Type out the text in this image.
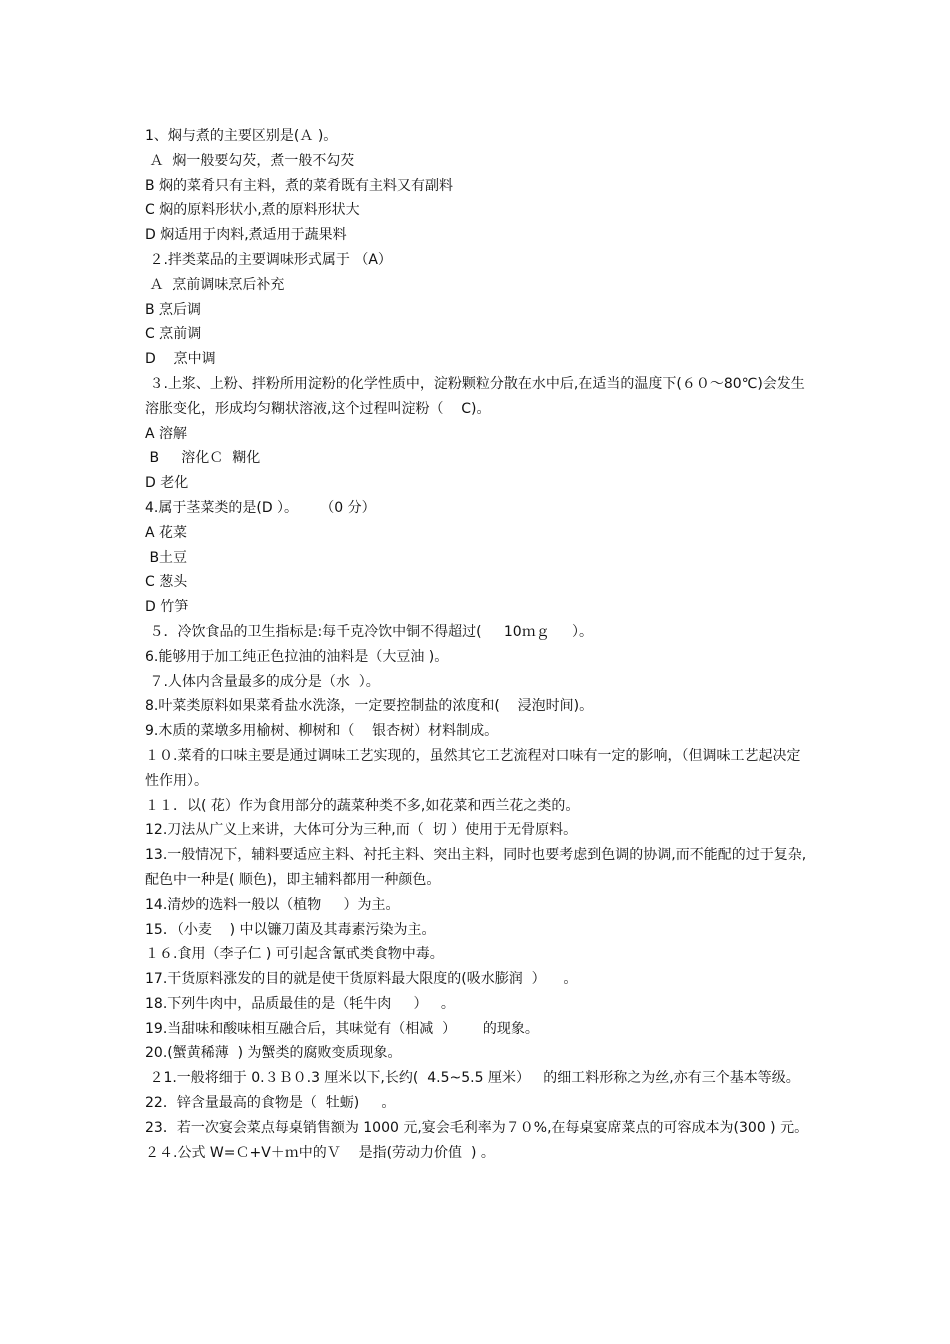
1、焖与煮的主要区别是(Ａ )。

Ａ  焖一般要勾芡，煮一般不勾芡

B 焖的菜肴只有主料，煮的菜肴既有主料又有副料

C 焖的原料形状小,煮的原料形状大

D 焖适用于肉料,煮适用于蔬果料

２.拌类菜品的主要调味形式属于 （A）

Ａ  烹前调味烹后补充

B 烹后调

C 烹前调

D    烹中调

３.上浆、上粉、拌粉所用淀粉的化学性质中，淀粉颗粒分散在水中后,在适当的温度下(６０～80℃)会发生溶胀变化，形成均匀糊状溶液,这个过程叫淀粉（    C)。

A 溶解

B     溶化Ｃ  糊化

D 老化

4.属于茎菜类的是(D ）。     （0 分）

A 花菜

B土豆

C 葱头

D 竹笋

５．冷饮食品的卫生指标是:每千克冷饮中铜不得超过(     10ｍｇ     ）。

6.能够用于加工纯正色拉油的油料是（大豆油 )。

７.人体内含量最多的成分是（水  ）。

8.叶菜类原料如果菜肴盐水洗涤，一定要控制盐的浓度和(    浸泡时间)。

9.木质的菜墩多用榆树、柳树和（    银杏树）材料制成。

１０.菜肴的口味主要是通过调味工艺实现的，虽然其它工艺流程对口味有一定的影响，（但调味工艺起决定性作用）。

１１．以( 花）作为食用部分的蔬菜种类不多,如花菜和西兰花之类的。

12.刀法从广义上来讲，大体可分为三种,而（  切 ）使用于无骨原料。

13.一般情况下，辅料要适应主料、衬托主料、突出主料，同时也要考虑到色调的协调,而不能配的过于复杂,配色中一种是( 顺色)，即主辅料都用一种颜色。

14.清炒的选料一般以（植物     ）为主。

15．（小麦    ) 中以镰刀菌及其毒素污染为主。

１６.食用（李子仁 ) 可引起含氰甙类食物中毒。

17.干货原料涨发的目的就是使干货原料最大限度的(吸水膨润  ）    。

18.下列牛肉中，品质最佳的是（牦牛肉     ）   。

19.当甜味和酸味相互融合后，其味觉有（相减  ）      的现象。

20.(蟹黄稀薄  ) 为蟹类的腐败变质现象。

２1.一般将细于 0.３Ｂ０.3 厘米以下,长约(  4.5~5.5 厘米）   的细工料形称之为丝,亦有三个基本等级。

22．锌含量最高的食物是（  牡蛎)     。

23．若一次宴会菜点每桌销售额为 1000 元,宴会毛利率为７０%,在每桌宴席菜点的可容成本为(300 ) 元。

２４.公式 W=Ｃ+V＋ｍ中的Ｖ    是指(劳动力价值  ) 。
